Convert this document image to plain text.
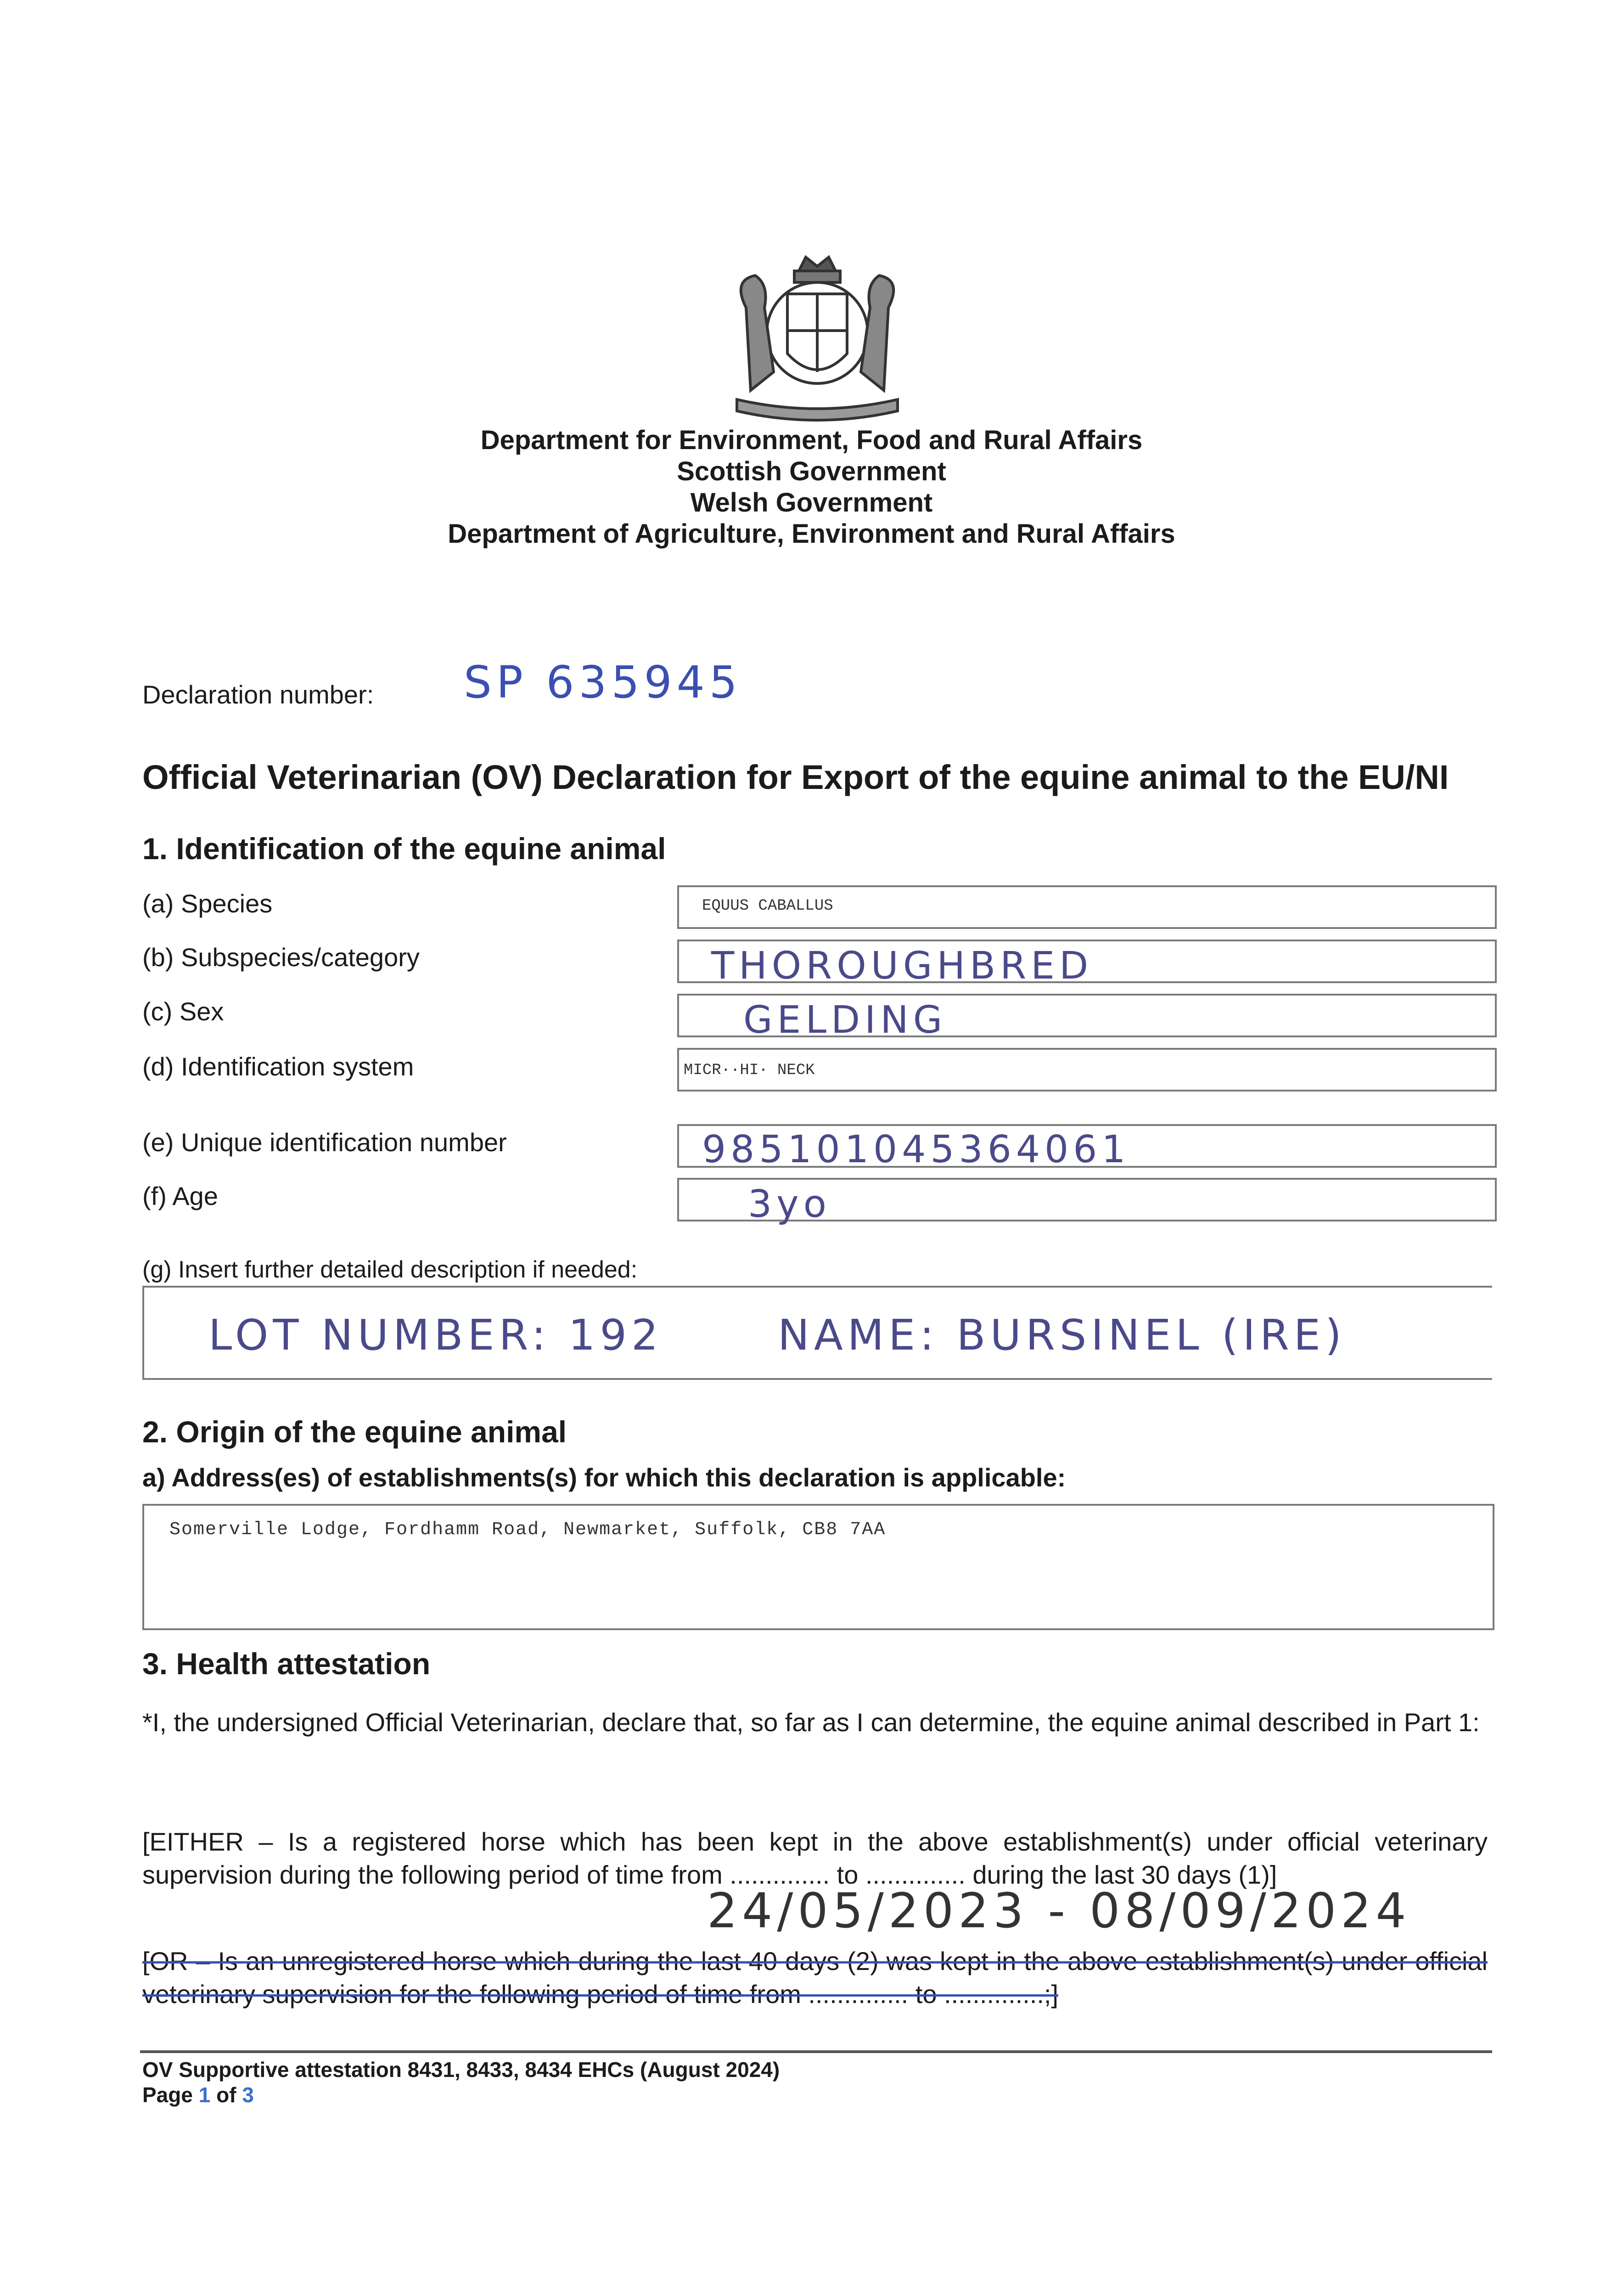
Department for Environment, Food and Rural Affairs
Scottish Government
Welsh Government
Department of Agriculture, Environment and Rural Affairs
Declaration number: SP 635945
Official Veterinarian (OV) Declaration for Export of the equine animal to the EU/NI
1. Identification of the equine animal
(a) Species	EQUUS CABALLUS
(b) Subspecies/category	THOROUGHBRED
(c) Sex	GELDING
(d) Identification system	MICR··HI· NECK
(e) Unique identification number	985101045364061
(f) Age	3yo
(g) Insert further detailed description if needed:
LOT NUMBER: 192	NAME: BURSINEL (IRE)
2. Origin of the equine animal
a) Address(es) of establishments(s) for which this declaration is applicable:
Somerville Lodge, Fordhamm Road, Newmarket, Suffolk, CB8 7AA
3. Health attestation
*I, the undersigned Official Veterinarian, declare that, so far as I can determine, the equine animal described in Part 1:
[EITHER – Is a registered horse which has been kept in the above establishment(s) under official veterinary supervision during the following period of time from .............. to .............. during the last 30 days (1)]
24/05/2023 - 08/09/2024
[OR – Is an unregistered horse which during the last 40 days (2) was kept in the above establishment(s) under official veterinary supervision for the following period of time from .............. to ..............;]
OV Supportive attestation 8431, 8433, 8434 EHCs (August 2024)
Page 1 of 3
